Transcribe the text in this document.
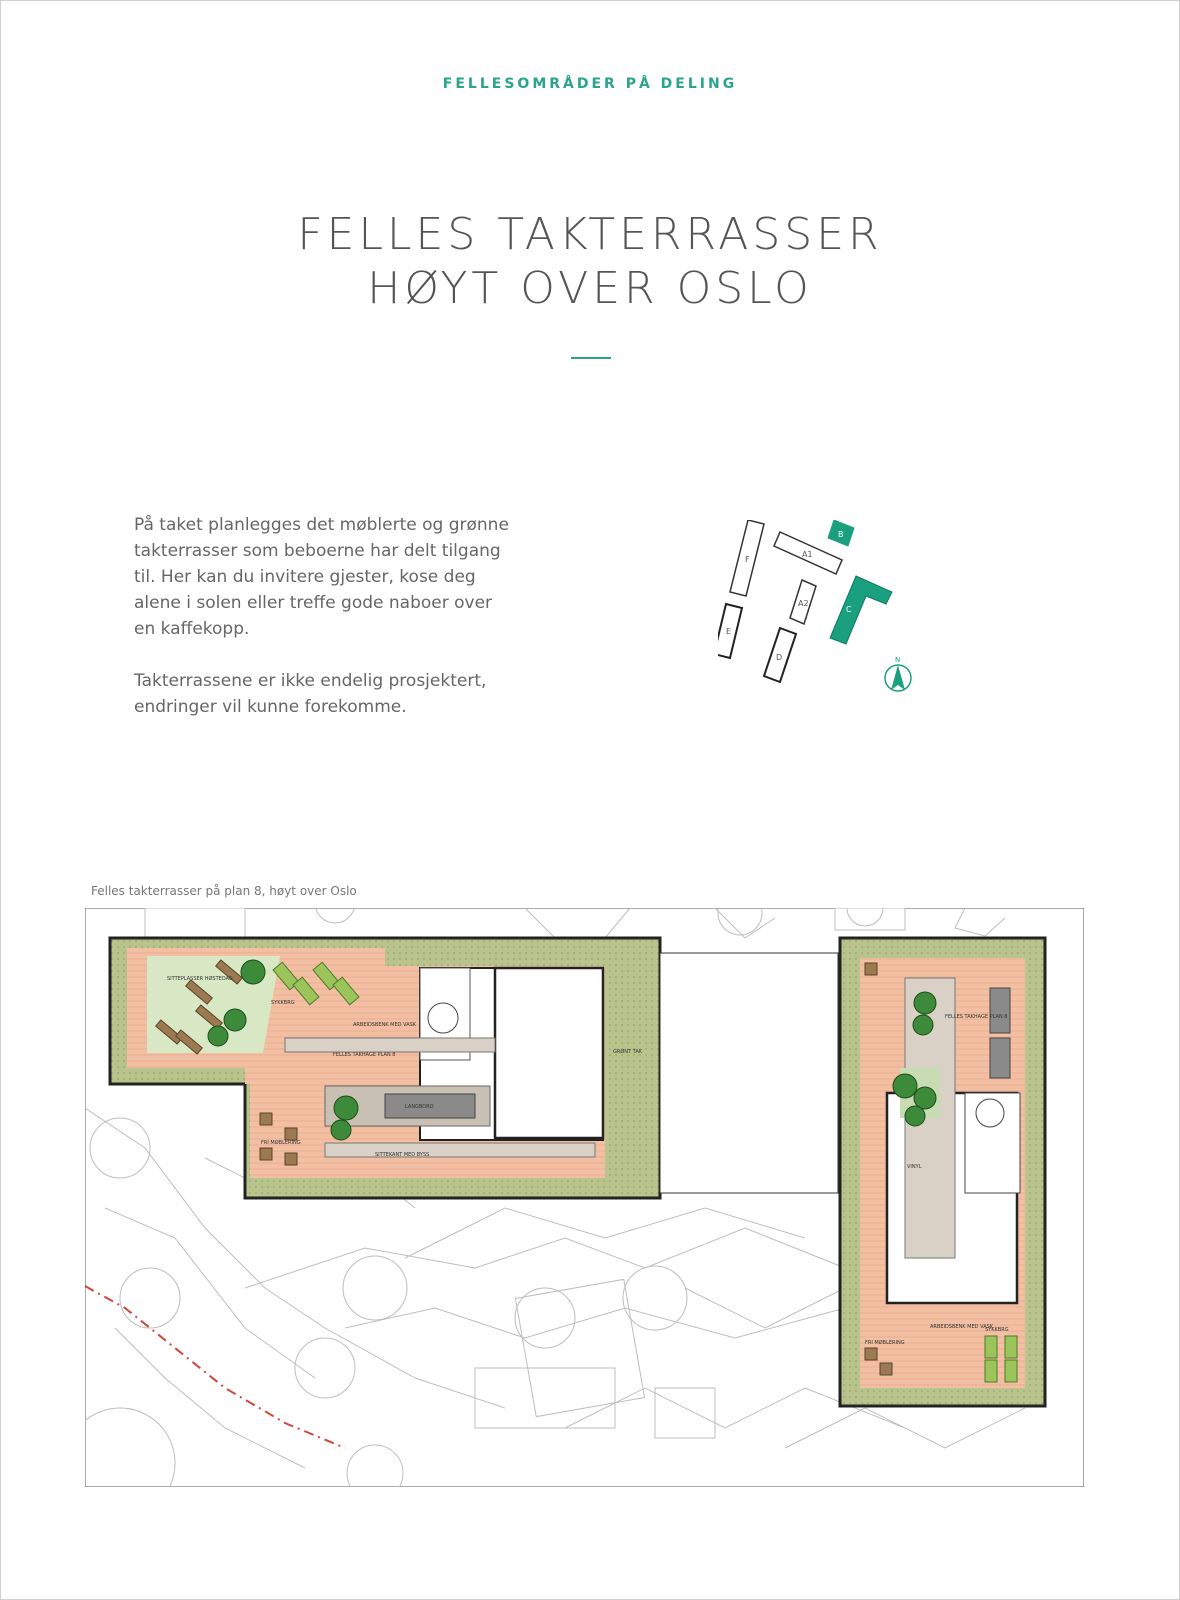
FELLESOMRÅDER PÅ DELING
FELLES TAKTERRASSER
HØYT OVER OSLO

På taket planlegges det møblerte og grønne takterrasser som beboerne har delt tilgang til. Her kan du invitere gjester, kose deg alene i solen eller treffe gode naboer over en kaffekopp.

Takterrassene er ikke endelig prosjektert, endringer vil kunne forekomme.

F
A1
B
A2
C
E
D	N
Felles takterrasser på plan 8, høyt over Oslo
SITTEPLASSER HØSTEDAG
SYKKBRG
ARBEIDSBENK MED VASK
FELLES TAKHAGE PLAN 8
LANGBORD
SITTEKANT MED BYSS
FRI MØBLERING
GRØNT TAK
FELLES TAKHAGE PLAN 8
ARBEIDSBENK MED VASK
SYKKBRG
FRI MØBLERING
VINYL
